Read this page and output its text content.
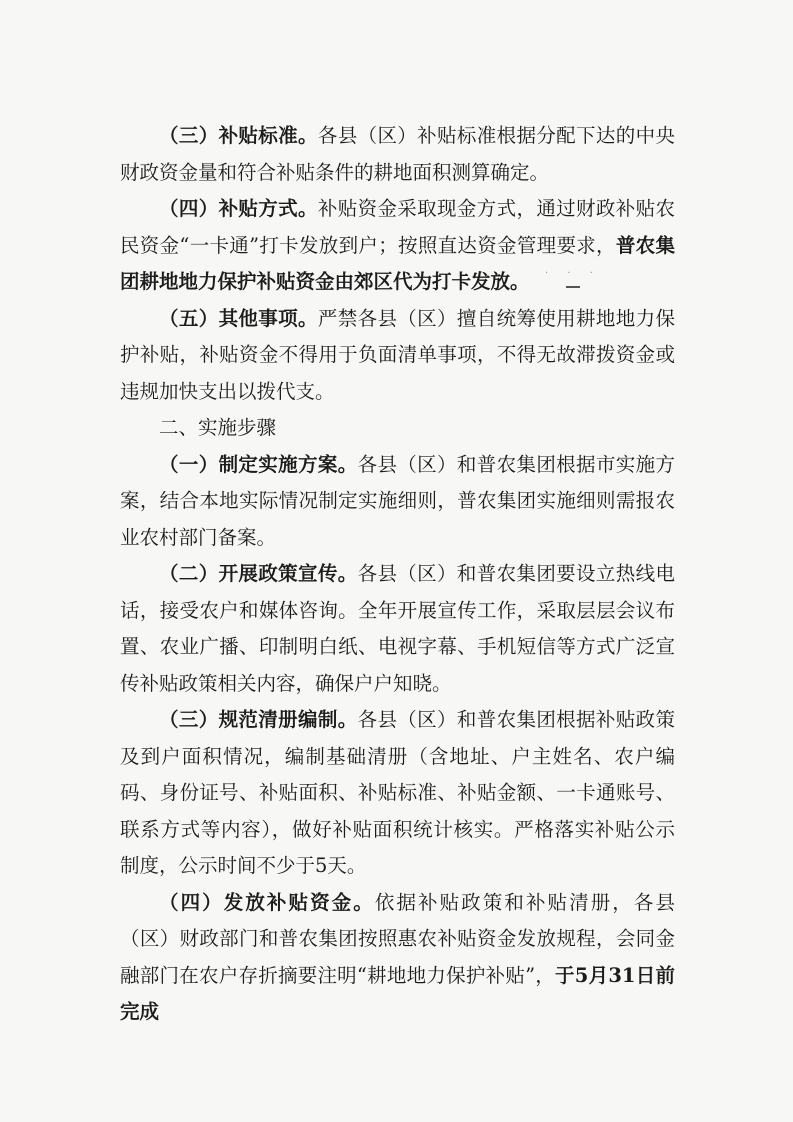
（三）补贴标准。各县（区）补贴标准根据分配下达的中央财政资金量和符合补贴条件的耕地面积测算确定。

（四）补贴方式。补贴资金采取现金方式，通过财政补贴农民资金“一卡通”打卡发放到户；按照直达资金管理要求，普农集团耕地地力保护补贴资金由郊区代为打卡发放。

（五）其他事项。严禁各县（区）擅自统筹使用耕地地力保护补贴，补贴资金不得用于负面清单事项，不得无故滞拨资金或违规加快支出以拨代支。

二、实施步骤

（一）制定实施方案。各县（区）和普农集团根据市实施方案，结合本地实际情况制定实施细则，普农集团实施细则需报农业农村部门备案。

（二）开展政策宣传。各县（区）和普农集团要设立热线电话，接受农户和媒体咨询。全年开展宣传工作，采取层层会议布置、农业广播、印制明白纸、电视字幕、手机短信等方式广泛宣传补贴政策相关内容，确保户户知晓。

（三）规范清册编制。各县（区）和普农集团根据补贴政策及到户面积情况，编制基础清册（含地址、户主姓名、农户编码、身份证号、补贴面积、补贴标准、补贴金额、一卡通账号、联系方式等内容），做好补贴面积统计核实。严格落实补贴公示制度，公示时间不少于5天。

（四）发放补贴资金。依据补贴政策和补贴清册，各县（区）财政部门和普农集团按照惠农补贴资金发放规程，会同金融部门在农户存折摘要注明“耕地地力保护补贴”，于5月31日前完成

· · ·
